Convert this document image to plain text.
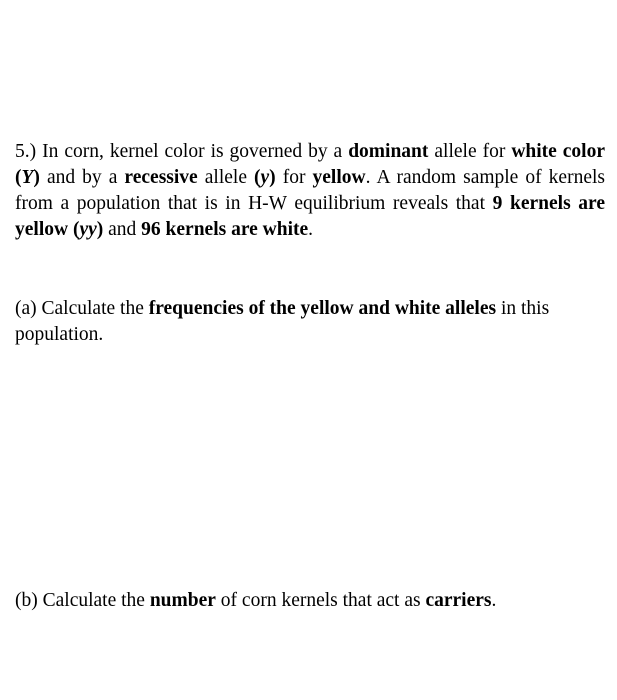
5.) In corn, kernel color is governed by a dominant allele for white color (Y) and by a recessive allele (y) for yellow. A random sample of kernels from a population that is in H-W equilibrium reveals that 9 kernels are yellow (yy) and 96 kernels are white.
(a) Calculate the frequencies of the yellow and white alleles in this population.
(b) Calculate the number of corn kernels that act as carriers.
